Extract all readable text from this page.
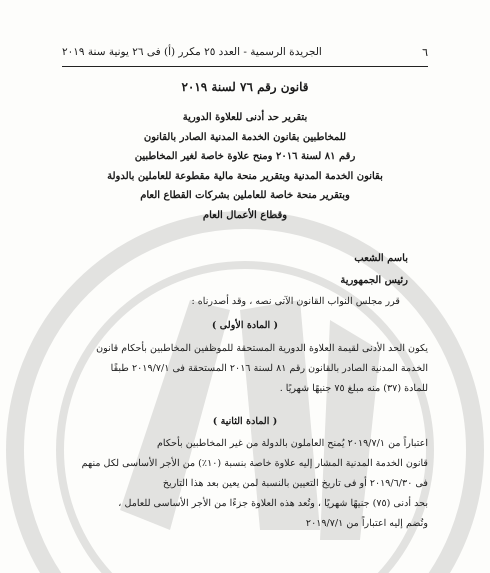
٦
الجريدة الرسمية - العدد ٢٥ مكرر (أ) فى ٢٦ يونية سنة ٢٠١٩
قانون رقم ٧٦ لسنة ٢٠١٩
بتقرير حد أدنى للعلاوة الدورية
للمخاطبين بقانون الخدمة المدنية الصادر بالقانون
رقم ٨١ لسنة ٢٠١٦ ومنح علاوة خاصة لغير المخاطبين
بقانون الخدمة المدنية وبتقرير منحة مالية مقطوعة للعاملين بالدولة
وبتقرير منحة خاصة للعاملين بشركات القطاع العام
وقطاع الأعمال العام
باسم الشعب
رئيس الجمهورية
قرر مجلس النواب القانون الآتى نصه ، وقد أصدرناه :
( المادة الأولى )
يكون الحد الأدنى لقيمة العلاوة الدورية المستحقة للموظفين المخاطبين بأحكام قانون
الخدمة المدنية الصادر بالقانون رقم ٨١ لسنة ٢٠١٦ المستحقة فى ٢٠١٩/٧/١ طبقًا
للمادة (٣٧) منه مبلغ ٧٥ جنيهًا شهريًا .
( المادة الثانية )
اعتباراً من ٢٠١٩/٧/١ يُمنح العاملون بالدولة من غير المخاطبين بأحكام
قانون الخدمة المدنية المشار إليه علاوة خاصة بنسبة (١٠٪) من الأجر الأساسى لكل منهم
فى ٢٠١٩/٦/٣٠ أو فى تاريخ التعيين بالنسبة لمن يعين بعد هذا التاريخ
بحد أدنى (٧٥) جنيهًا شهريًا ، وتُعد هذه العلاوة جزءًا من الأجر الأساسى للعامل ،
وتُضم إليه اعتباراً من ٢٠١٩/٧/١
